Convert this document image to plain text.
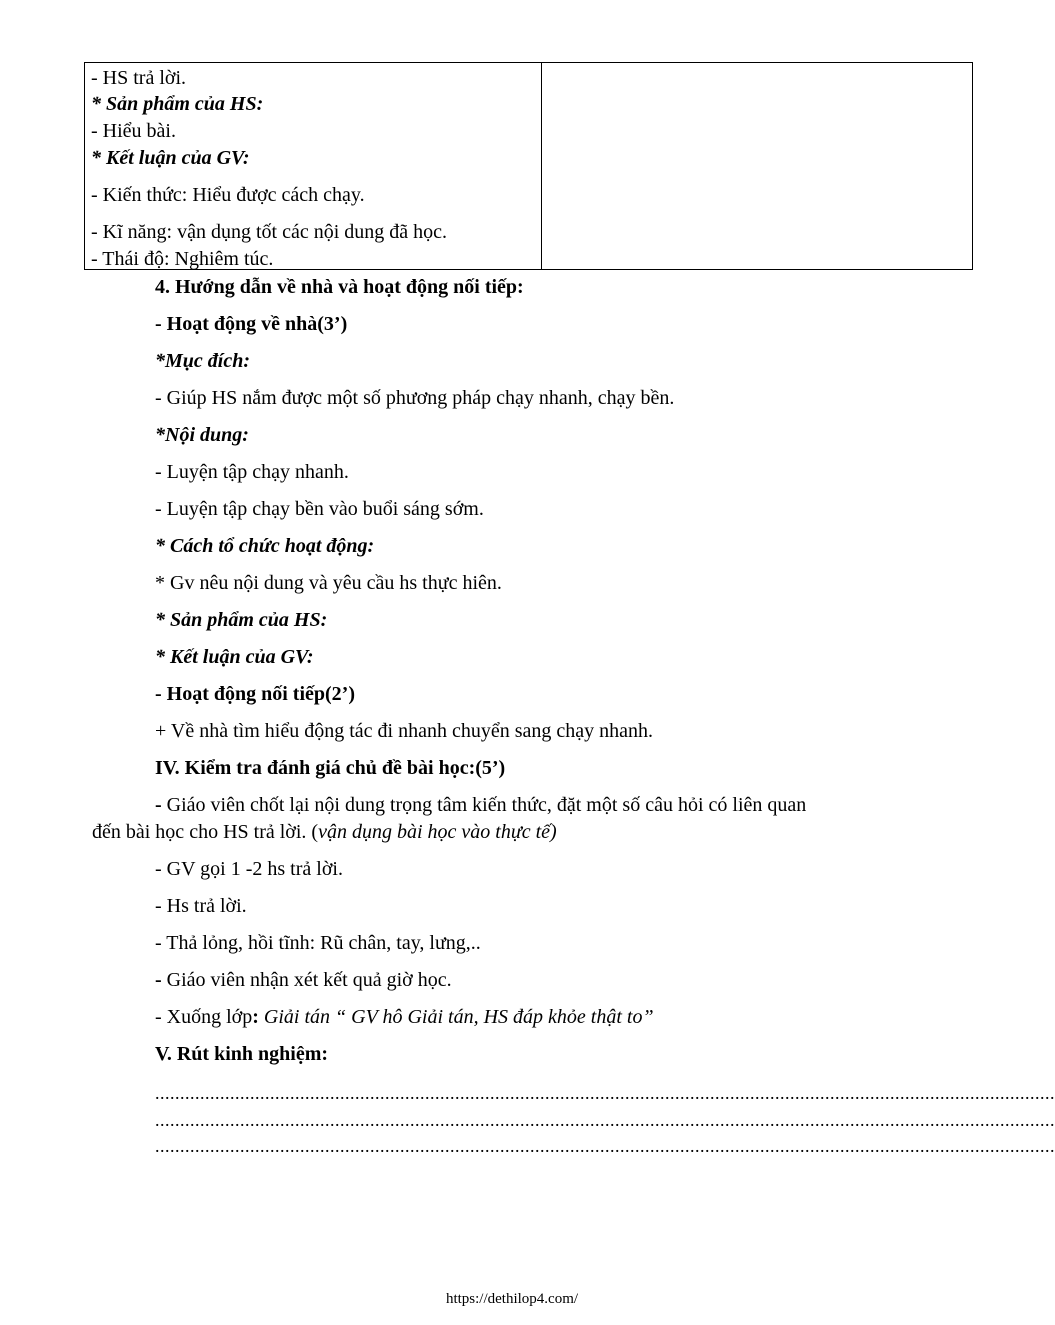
- HS trả lời.
* Sản phẩm của HS:
- Hiểu bài.
* Kết luận của GV:
- Kiến thức: Hiểu được cách chạy.
- Kĩ năng: vận dụng tốt các nội dung đã học.
- Thái độ: Nghiêm túc.
4. Hướng dẫn về nhà và hoạt động nối tiếp:
- Hoạt động về nhà(3’)
*Mục đích:
- Giúp HS nắm được một số phương pháp chạy nhanh, chạy bền.
*Nội dung:
- Luyện tập chạy nhanh.
- Luyện tập chạy bền vào buổi sáng sớm.
* Cách tổ chức hoạt động:
* Gv nêu nội dung và yêu cầu hs thực hiên.
* Sản phẩm của HS:
* Kết luận của GV:
- Hoạt động nối tiếp(2’)
+ Về nhà tìm hiểu động tác đi nhanh chuyển sang chạy nhanh.
IV. Kiểm tra đánh giá chủ đề bài học:(5’)
- Giáo viên chốt lại nội dung trọng tâm kiến thức, đặt một số câu hỏi có liên quan
đến bài học cho HS trả lời. (vận dụng bài học vào thực tế)
- GV gọi 1 -2 hs trả lời.
- Hs trả lời.
- Thả lỏng, hồi tĩnh: Rũ chân, tay, lưng,..
- Giáo viên nhận xét kết quả giờ học.
- Xuống lớp: Giải tán “ GV hô Giải tán, HS đáp khỏe thật to”
V. Rút kinh nghiệm:
....................................................................................................................................................................................
....................................................................................................................................................................................
....................................................................................................................................................................................
https://dethilop4.com/
